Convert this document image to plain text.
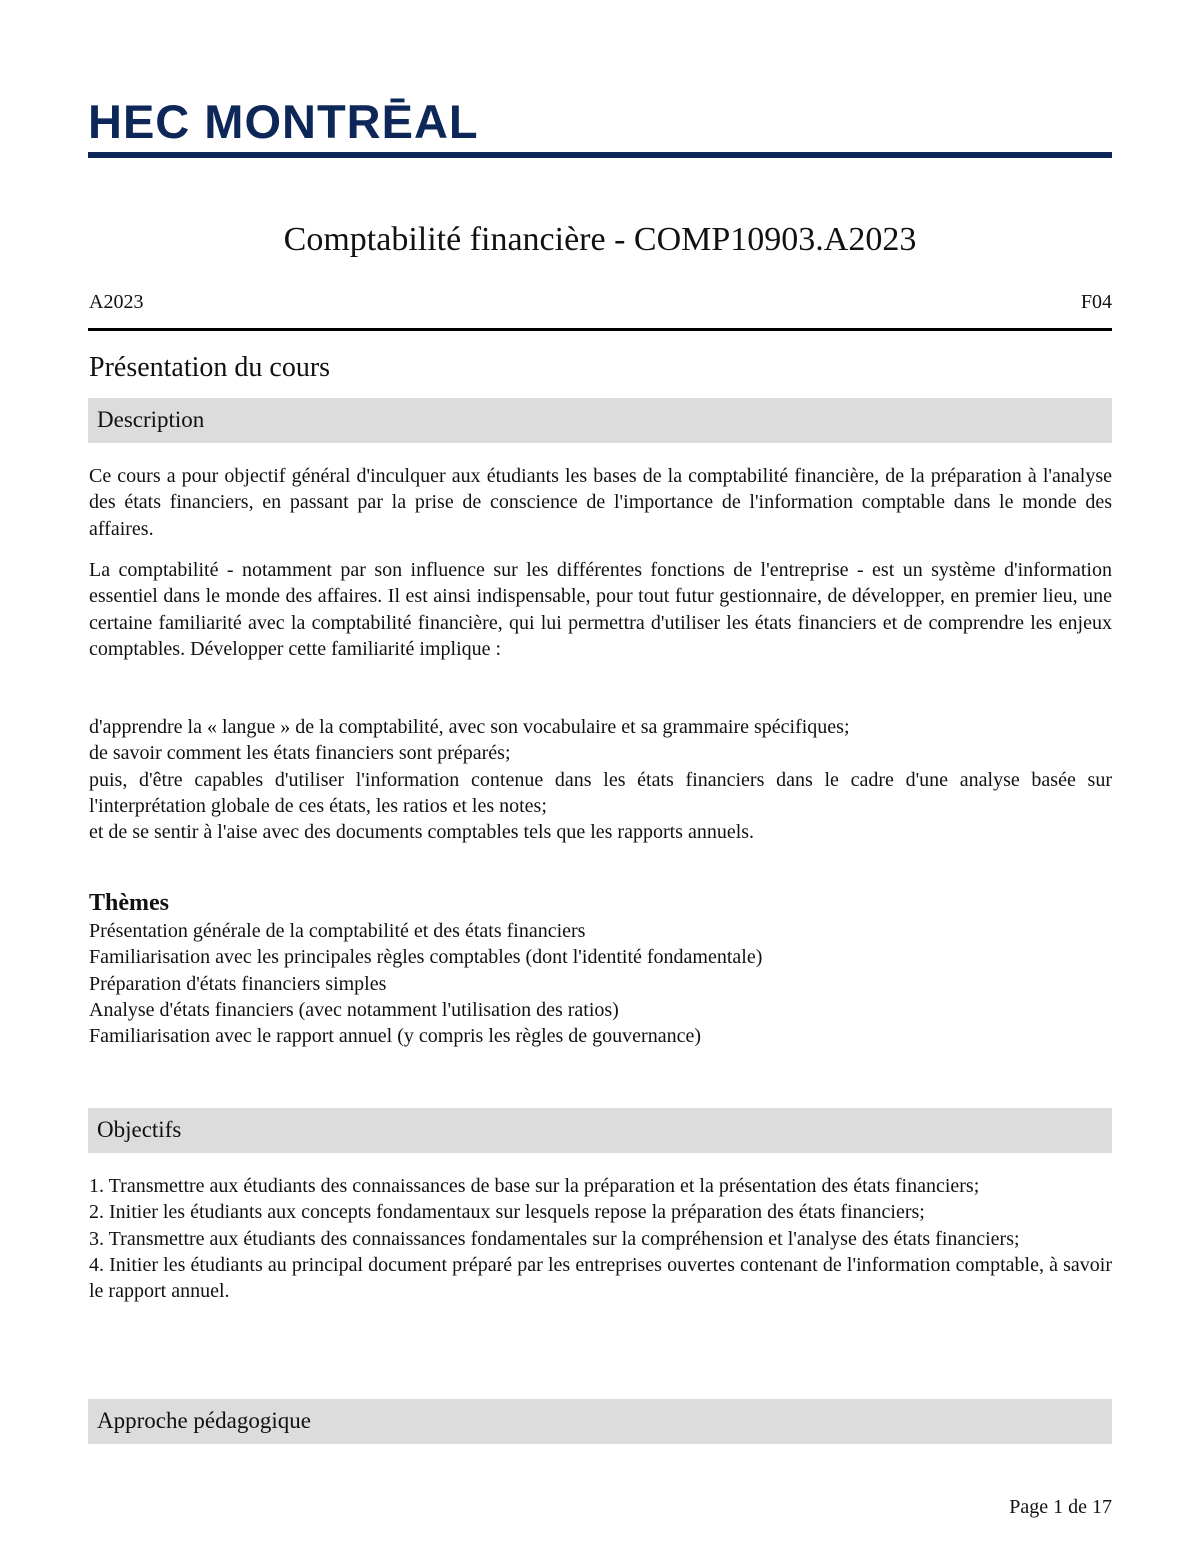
HEC MONTRĒAL
Comptabilité financière - COMP10903.A2023
A2023	F04
Présentation du cours
Description
Ce cours a pour objectif général d'inculquer aux étudiants les bases de la comptabilité financière, de la préparation à l'analyse des états financiers, en passant par la prise de conscience de l'importance de l'information comptable dans le monde des affaires.
La comptabilité - notamment par son influence sur les différentes fonctions de l'entreprise - est un système d'information essentiel dans le monde des affaires. Il est ainsi indispensable, pour tout futur gestionnaire, de développer, en premier lieu, une certaine familiarité avec la comptabilité financière, qui lui permettra d'utiliser les états financiers et de comprendre les enjeux comptables. Développer cette familiarité implique :
d'apprendre la « langue » de la comptabilité, avec son vocabulaire et sa grammaire spécifiques;
de savoir comment les états financiers sont préparés;
puis, d'être capables d'utiliser l'information contenue dans les états financiers dans le cadre d'une analyse basée sur l'interprétation globale de ces états, les ratios et les notes;
et de se sentir à l'aise avec des documents comptables tels que les rapports annuels.
Thèmes
Présentation générale de la comptabilité et des états financiers
Familiarisation avec les principales règles comptables (dont l'identité fondamentale)
Préparation d'états financiers simples
Analyse d'états financiers (avec notamment l'utilisation des ratios)
Familiarisation avec le rapport annuel (y compris les règles de gouvernance)
Objectifs
1. Transmettre aux étudiants des connaissances de base sur la préparation et la présentation des états financiers;
2. Initier les étudiants aux concepts fondamentaux sur lesquels repose la préparation des états financiers;
3. Transmettre aux étudiants des connaissances fondamentales sur la compréhension et l'analyse des états financiers;
4. Initier les étudiants au principal document préparé par les entreprises ouvertes contenant de l'information comptable, à savoir le rapport annuel.
Approche pédagogique
Page 1 de 17
